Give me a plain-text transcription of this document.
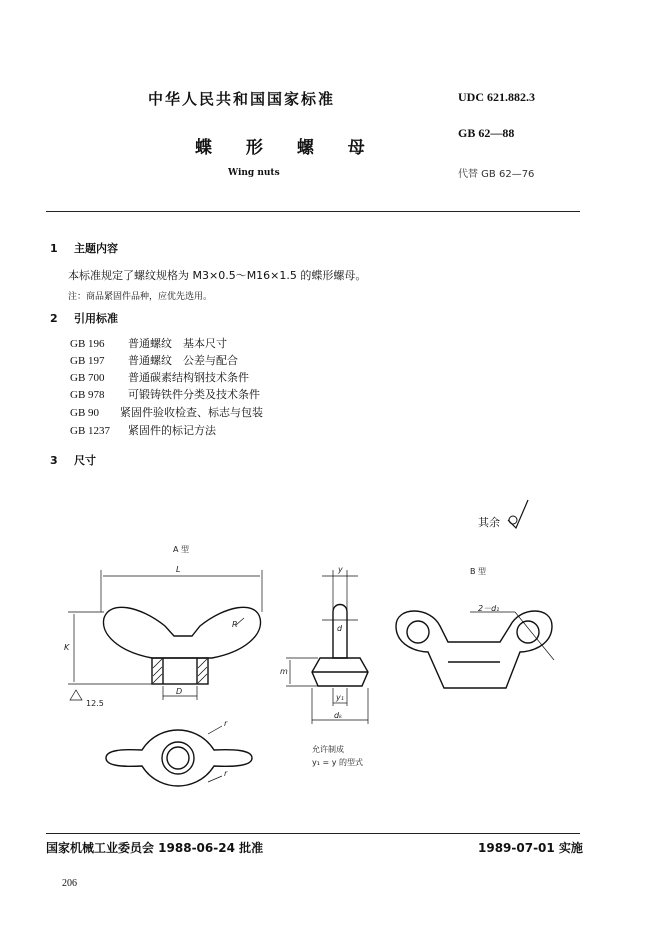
中华人民共和国国家标准
蝶 形 螺 母
Wing nuts
UDC 621.882.3
GB 62—88
代替 GB 62—76
1 主题内容
本标准规定了螺纹规格为 M3×0.5～M16×1.5 的蝶形螺母。
注：商品紧固件品种，应优先选用。
2 引用标准
GB 196 普通螺纹　基本尺寸
GB 197 普通螺纹　公差与配合
GB 700 普通碳素结构钢技术条件
GB 978 可锻铸铁件分类及技术条件
GB 90 紧固件验收检查、标志与包装
GB 1237 紧固件的标记方法
3 尺寸
其余
A 型
B 型
L
K
R
D
12.5
y
d
m
y₁
dₖ
r
r
2－d₁
允许制成
y₁ = y 的型式
国家机械工业委员会 1988-06-24 批准	1989-07-01 实施
206
